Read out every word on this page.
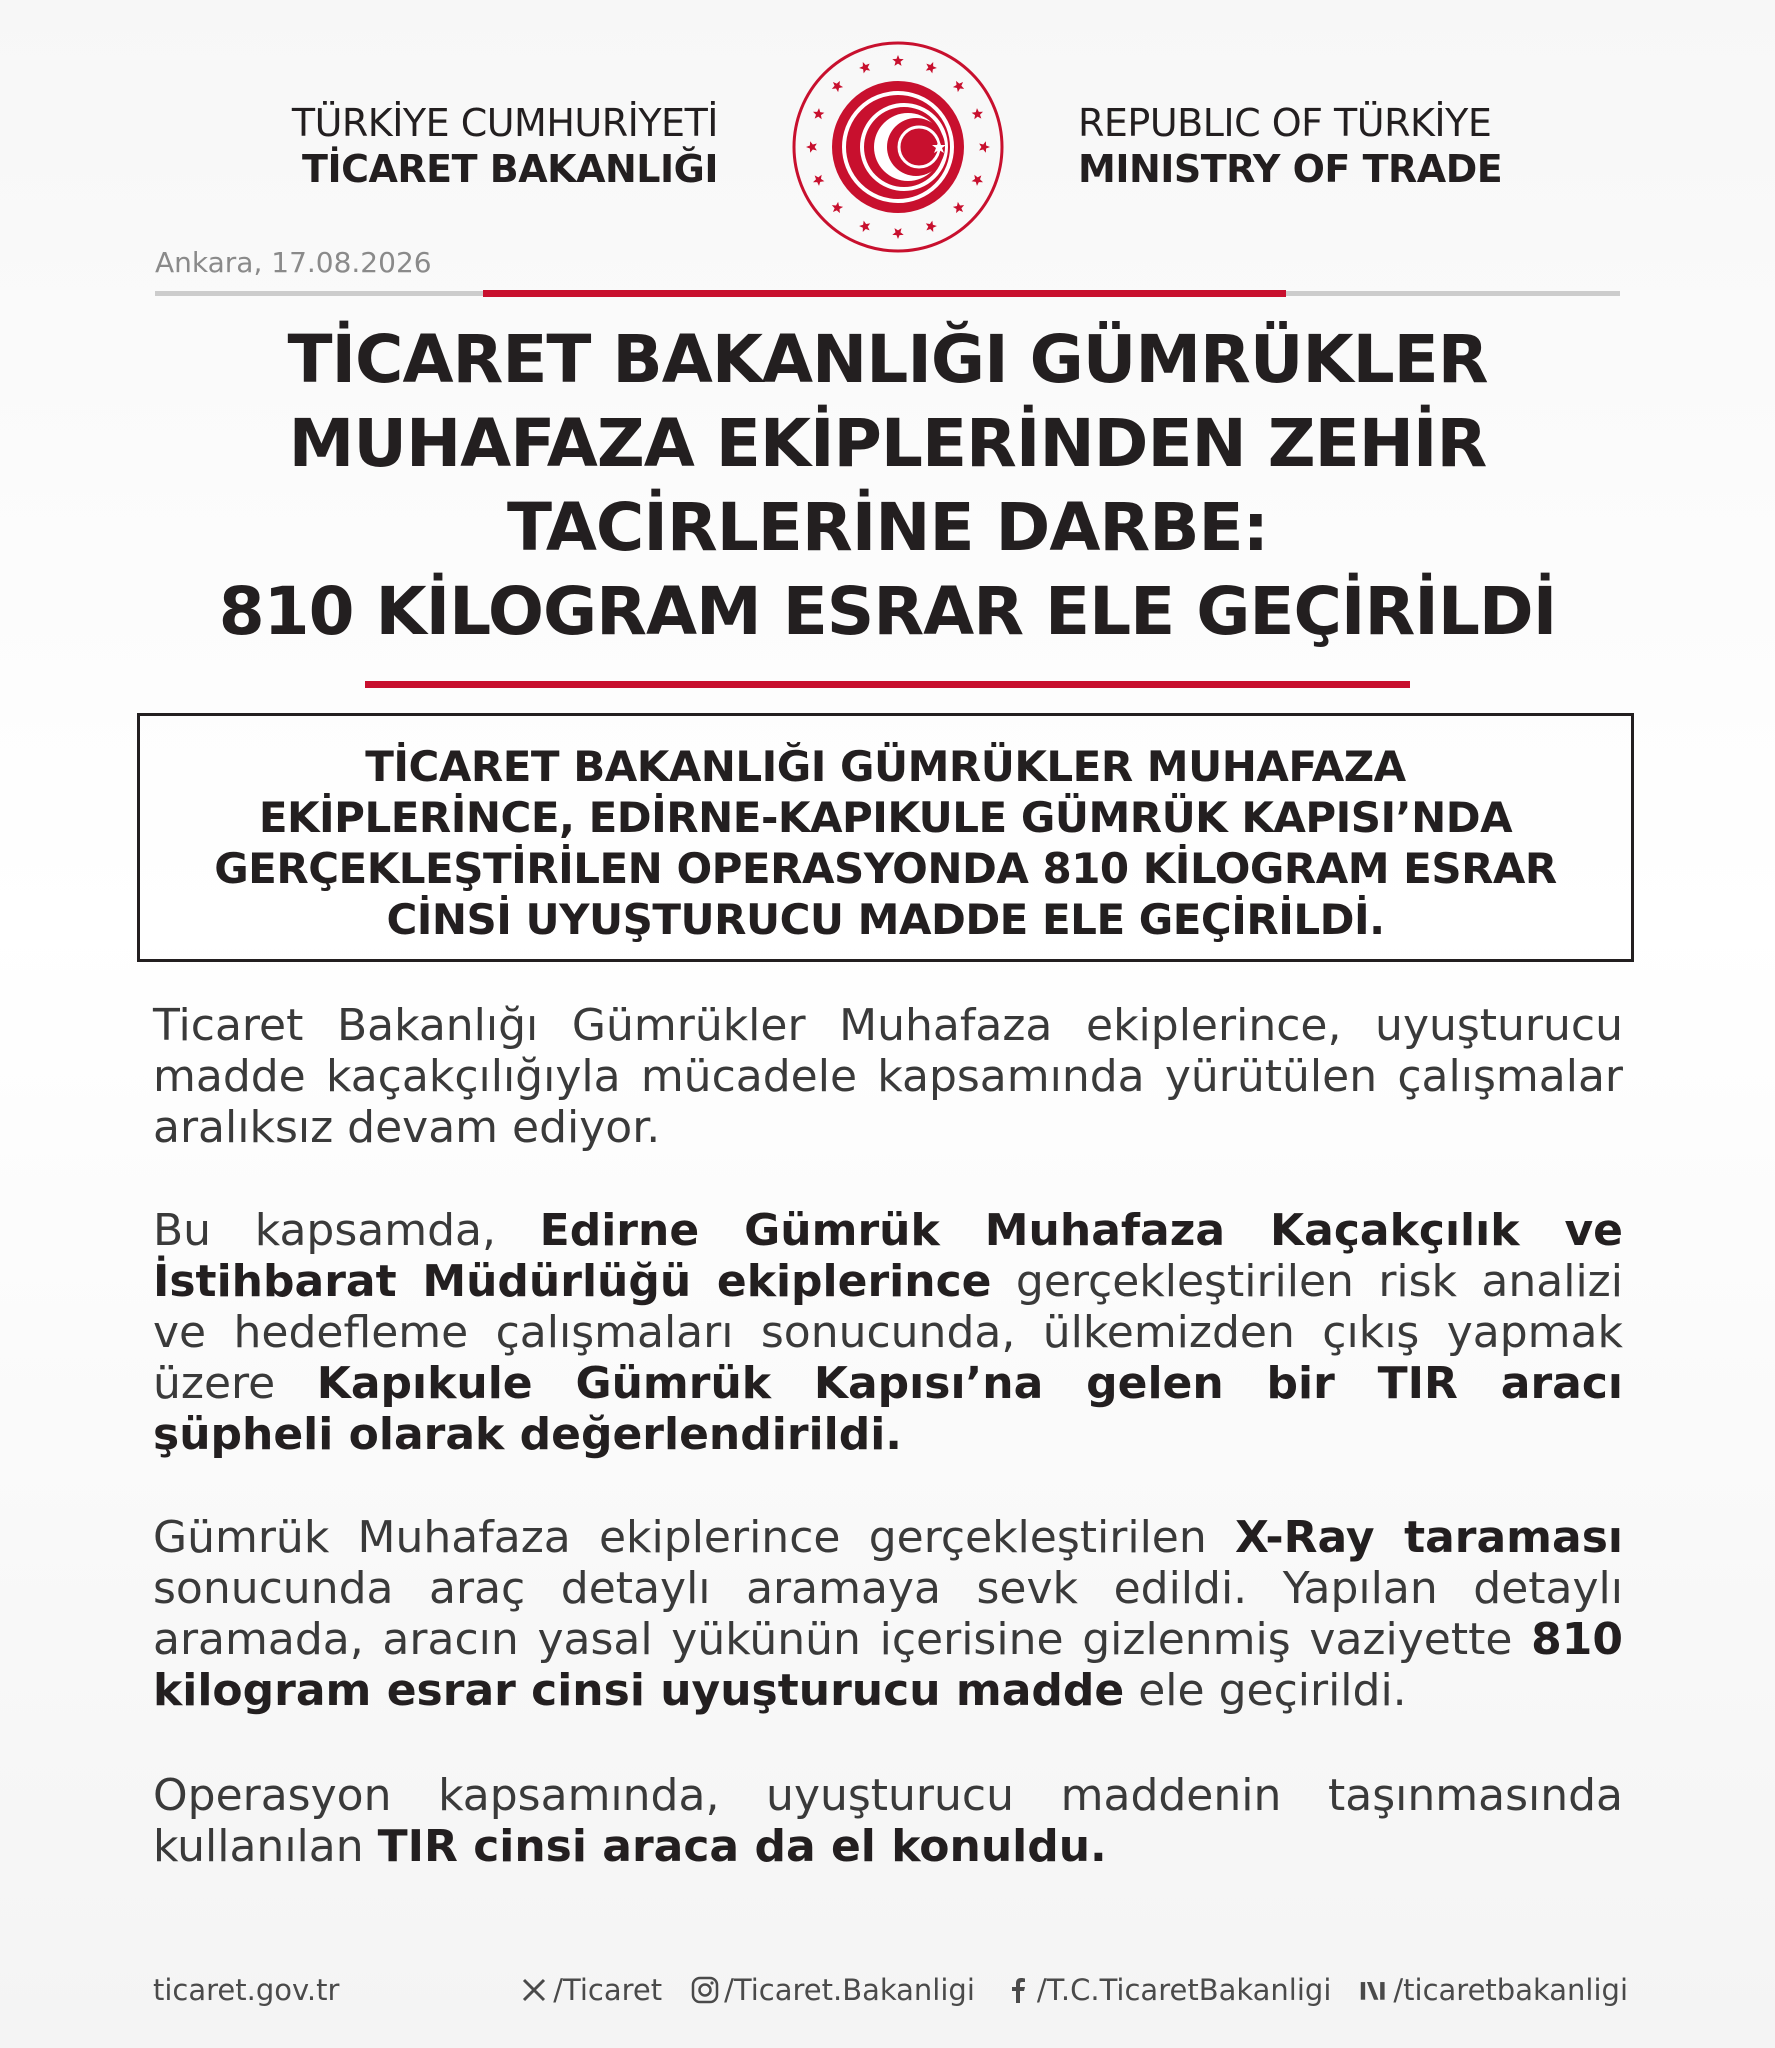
TÜRKİYE CUMHURİYETİ
TİCARET BAKANLIĞI
REPUBLIC OF TÜRKİYE
MINISTRY OF TRADE
Ankara, 17.08.2026
TİCARET BAKANLIĞI GÜMRÜKLER
MUHAFAZA EKİPLERİNDEN ZEHİR
TACİRLERİNE DARBE:
810 KİLOGRAM ESRAR ELE GEÇİRİLDİ
TİCARET BAKANLIĞI GÜMRÜKLER MUHAFAZA
EKİPLERİNCE, EDİRNE-KAPIKULE GÜMRÜK KAPISI’NDA
GERÇEKLEŞTİRİLEN OPERASYONDA 810 KİLOGRAM ESRAR
CİNSİ UYUŞTURUCU MADDE ELE GEÇİRİLDİ.
Ticaret Bakanlığı Gümrükler Muhafaza ekiplerince, uyuşturucu madde kaçakçılığıyla mücadele kapsamında yürütülen çalışmalar aralıksız devam ediyor.
Bu kapsamda, Edirne Gümrük Muhafaza Kaçakçılık ve İstihbarat Müdürlüğü ekiplerince gerçekleştirilen risk analizi ve hedefleme çalışmaları sonucunda, ülkemizden çıkış yapmak üzere Kapıkule Gümrük Kapısı’na gelen bir TIR aracı şüpheli olarak değerlendirildi.
Gümrük Muhafaza ekiplerince gerçekleştirilen X-Ray taraması sonucunda araç detaylı aramaya sevk edildi. Yapılan detaylı aramada, aracın yasal yükünün içerisine gizlenmiş vaziyette 810 kilogram esrar cinsi uyuşturucu madde ele geçirildi.
Operasyon kapsamında, uyuşturucu maddenin taşınmasında kullanılan TIR cinsi araca da el konuldu.
ticaret.gov.tr	/Ticaret /Ticaret.Bakanligi /T.C.TicaretBakanligi /ticaretbakanligi
